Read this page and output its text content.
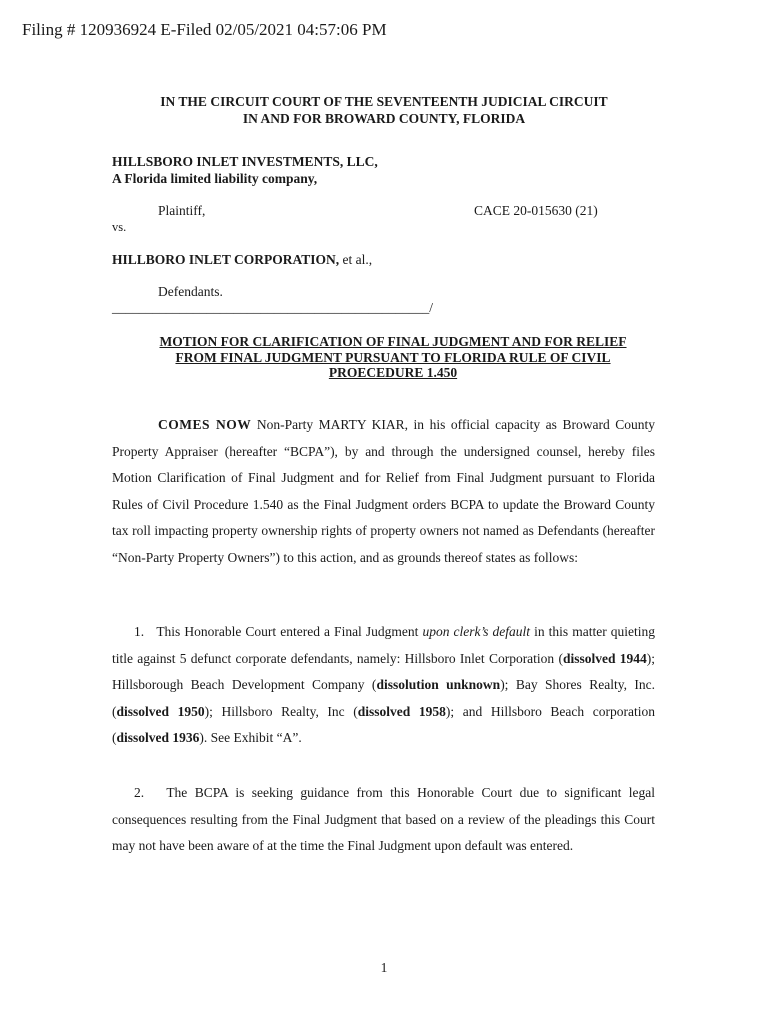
Filing # 120936924 E-Filed 02/05/2021 04:57:06 PM
IN THE CIRCUIT COURT OF THE SEVENTEENTH JUDICIAL CIRCUIT
IN AND FOR BROWARD COUNTY, FLORIDA
HILLSBORO INLET INVESTMENTS, LLC,
A Florida limited liability company,
Plaintiff,	CACE 20-015630 (21)
vs.
HILLBORO INLET CORPORATION, et al.,
Defendants.
_______________________________________________/
MOTION FOR CLARIFICATION OF FINAL JUDGMENT AND FOR RELIEF
FROM FINAL JUDGMENT PURSUANT TO FLORIDA RULE OF CIVIL
PROECEDURE 1.450
COMES NOW Non-Party MARTY KIAR, in his official capacity as Broward County Property Appraiser (hereafter “BCPA”), by and through the undersigned counsel, hereby files Motion Clarification of Final Judgment and for Relief from Final Judgment pursuant to Florida Rules of Civil Procedure 1.540 as the Final Judgment orders BCPA to update the Broward County tax roll impacting property ownership rights of property owners not named as Defendants (hereafter “Non-Party Property Owners”) to this action, and as grounds thereof states as follows:
1. This Honorable Court entered a Final Judgment upon clerk’s default in this matter quieting title against 5 defunct corporate defendants, namely: Hillsboro Inlet Corporation (dissolved 1944); Hillsborough Beach Development Company (dissolution unknown); Bay Shores Realty, Inc. (dissolved 1950); Hillsboro Realty, Inc (dissolved 1958); and Hillsboro Beach corporation (dissolved 1936). See Exhibit “A”.
2. The BCPA is seeking guidance from this Honorable Court due to significant legal consequences resulting from the Final Judgment that based on a review of the pleadings this Court may not have been aware of at the time the Final Judgment upon default was entered.
1
